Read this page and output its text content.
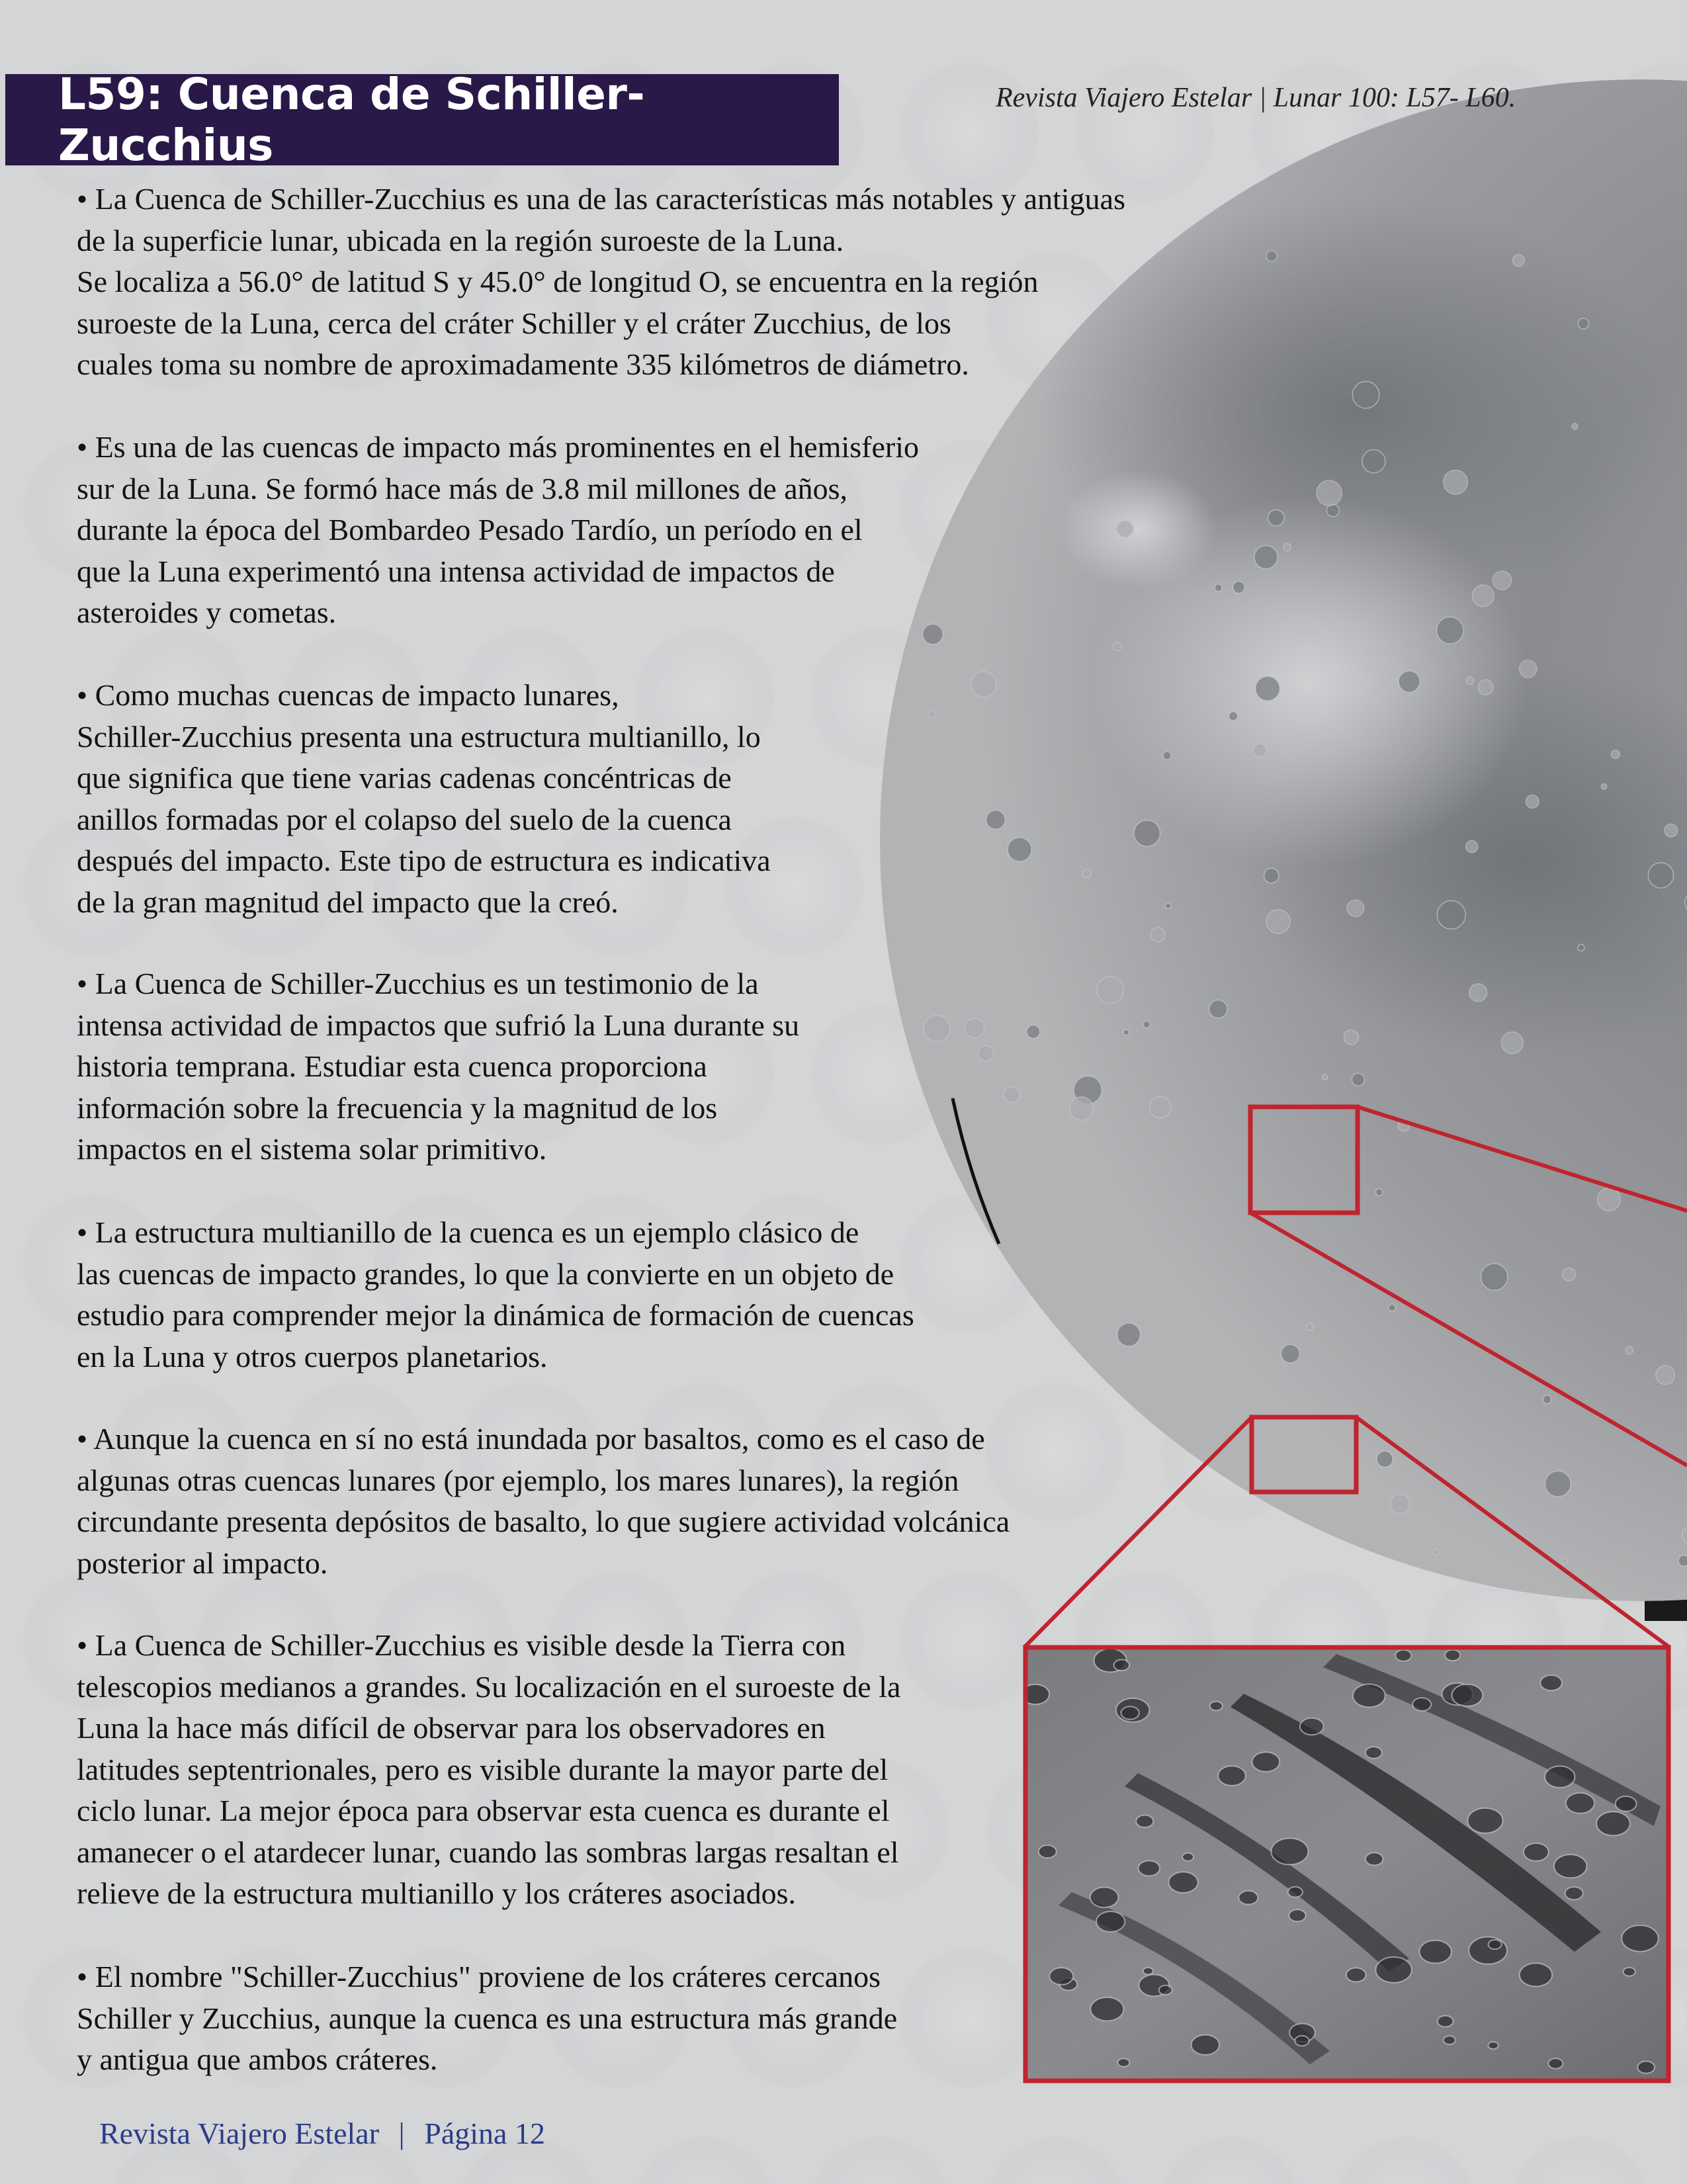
L59: Cuenca de Schiller-Zucchius
Revista Viajero Estelar | Lunar 100: L57- L60.
• La Cuenca de Schiller-Zucchius es una de las características más notables y antiguas
de la superficie lunar, ubicada en la región suroeste de la Luna.
Se localiza a 56.0° de latitud S y 45.0° de longitud O, se encuentra en la región
suroeste de la Luna, cerca del cráter Schiller y el cráter Zucchius, de los
cuales toma su nombre de aproximadamente 335 kilómetros de diámetro.
• Es una de las cuencas de impacto más prominentes en el hemisferio
sur de la Luna. Se formó hace más de 3.8 mil millones de años,
durante la época del Bombardeo Pesado Tardío, un período en el
que la Luna experimentó una intensa actividad de impactos de
asteroides y cometas.
• Como muchas cuencas de impacto lunares,
Schiller-Zucchius presenta una estructura multianillo, lo
que significa que tiene varias cadenas concéntricas de
anillos formadas por el colapso del suelo de la cuenca
después del impacto. Este tipo de estructura es indicativa
de la gran magnitud del impacto que la creó.
• La Cuenca de Schiller-Zucchius es un testimonio de la
intensa actividad de impactos que sufrió la Luna durante su
historia temprana. Estudiar esta cuenca proporciona
información sobre la frecuencia y la magnitud de los
impactos en el sistema solar primitivo.
• La estructura multianillo de la cuenca es un ejemplo clásico de
las cuencas de impacto grandes, lo que la convierte en un objeto de
estudio para comprender mejor la dinámica de formación de cuencas
en la Luna y otros cuerpos planetarios.
• Aunque la cuenca en sí no está inundada por basaltos, como es el caso de
algunas otras cuencas lunares (por ejemplo, los mares lunares), la región
circundante presenta depósitos de basalto, lo que sugiere actividad volcánica
posterior al impacto.
• La Cuenca de Schiller-Zucchius es visible desde la Tierra con
telescopios medianos a grandes. Su localización en el suroeste de la
Luna la hace más difícil de observar para los observadores en
latitudes septentrionales, pero es visible durante la mayor parte del
ciclo lunar. La mejor época para observar esta cuenca es durante el
amanecer o el atardecer lunar, cuando las sombras largas resaltan el
relieve de la estructura multianillo y los cráteres asociados.
• El nombre "Schiller-Zucchius" proviene de los cráteres cercanos
Schiller y Zucchius, aunque la cuenca es una estructura más grande
y antigua que ambos cráteres.
Revista Viajero Estelar | Página 12
